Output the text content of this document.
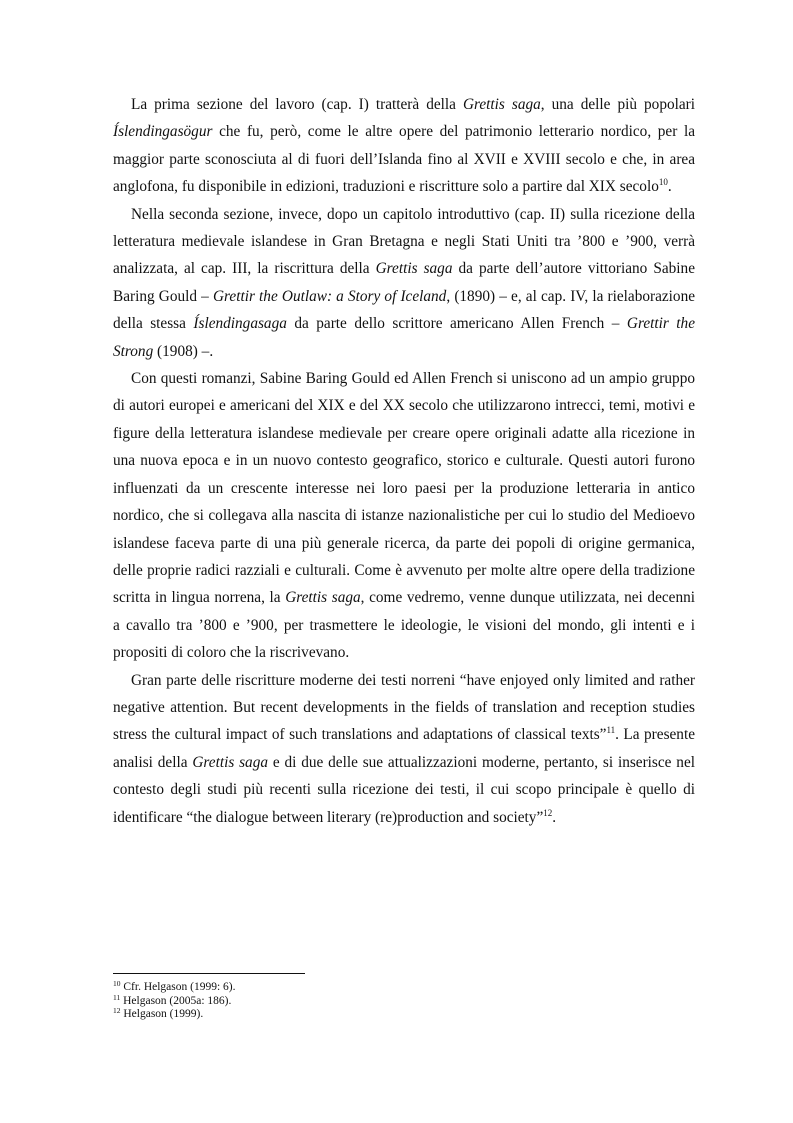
La prima sezione del lavoro (cap. I) tratterà della Grettis saga, una delle più popolari Íslendingasögur che fu, però, come le altre opere del patrimonio letterario nordico, per la maggior parte sconosciuta al di fuori dell’Islanda fino al XVII e XVIII secolo e che, in area anglofona, fu disponibile in edizioni, traduzioni e riscritture solo a partire dal XIX secolo$^{10}$.

Nella seconda sezione, invece, dopo un capitolo introduttivo (cap. II) sulla ricezione della letteratura medievale islandese in Gran Bretagna e negli Stati Uniti tra ’800 e ’900, verrà analizzata, al cap. III, la riscrittura della Grettis saga da parte dell’autore vittoriano Sabine Baring Gould – Grettir the Outlaw: a Story of Iceland, (1890) – e, al cap. IV, la rielaborazione della stessa Íslendingasaga da parte dello scrittore americano Allen French – Grettir the Strong (1908) –.

Con questi romanzi, Sabine Baring Gould ed Allen French si uniscono ad un ampio gruppo di autori europei e americani del XIX e del XX secolo che utilizzarono intrecci, temi, motivi e figure della letteratura islandese medievale per creare opere originali adatte alla ricezione in una nuova epoca e in un nuovo contesto geografico, storico e culturale. Questi autori furono influenzati da un crescente interesse nei loro paesi per la produzione letteraria in antico nordico, che si collegava alla nascita di istanze nazionalistiche per cui lo studio del Medioevo islandese faceva parte di una più generale ricerca, da parte dei popoli di origine germanica, delle proprie radici razziali e culturali. Come è avvenuto per molte altre opere della tradizione scritta in lingua norrena, la Grettis saga, come vedremo, venne dunque utilizzata, nei decenni a cavallo tra ’800 e ’900, per trasmettere le ideologie, le visioni del mondo, gli intenti e i propositi di coloro che la riscrivevano.

Gran parte delle riscritture moderne dei testi norreni “have enjoyed only limited and rather negative attention. But recent developments in the fields of translation and reception studies stress the cultural impact of such translations and adaptations of classical texts”$^{11}$. La presente analisi della Grettis saga e di due delle sue attualizzazioni moderne, pertanto, si inserisce nel contesto degli studi più recenti sulla ricezione dei testi, il cui scopo principale è quello di identificare “the dialogue between literary (re)production and society”$^{12}$.

$^{10}$ Cfr. Helgason (1999: 6).

$^{11}$ Helgason (2005a: 186).

$^{12}$ Helgason (1999).
